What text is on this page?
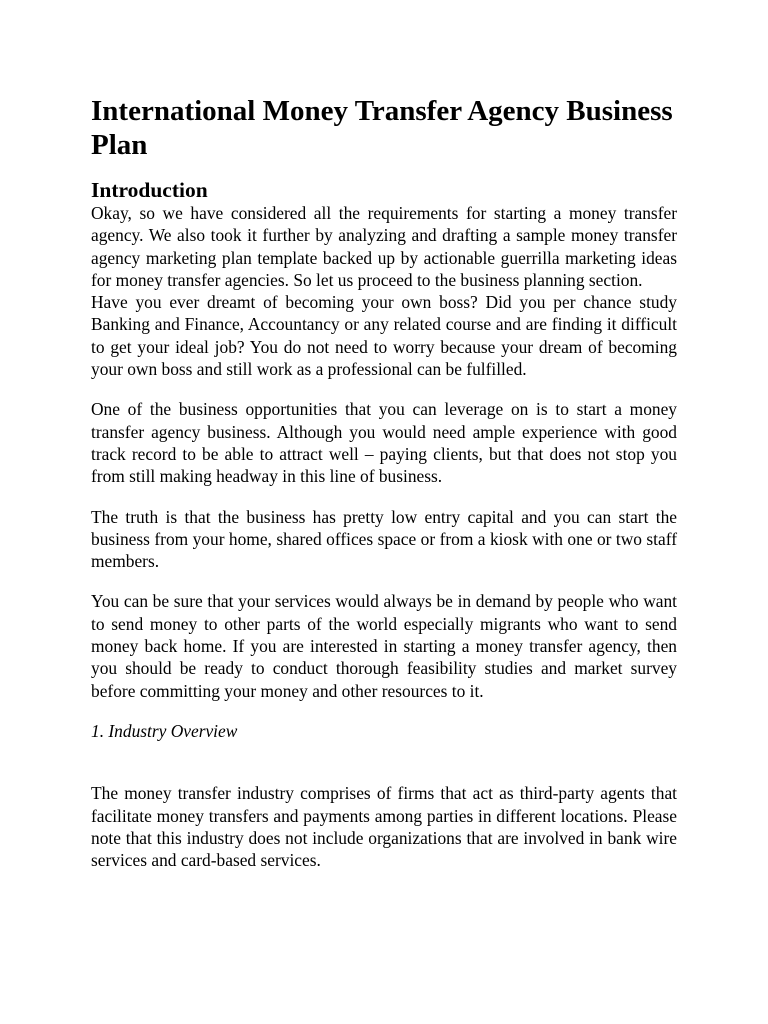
International Money Transfer Agency Business Plan
Introduction

Okay, so we have considered all the requirements for starting a money transfer agency. We also took it further by analyzing and drafting a sample money transfer agency marketing plan template backed up by actionable guerrilla marketing ideas for money transfer agencies. So let us proceed to the business planning section.

Have you ever dreamt of becoming your own boss? Did you per chance study Banking and Finance, Accountancy or any related course and are finding it difficult to get your ideal job? You do not need to worry because your dream of becoming your own boss and still work as a professional can be fulfilled.

One of the business opportunities that you can leverage on is to start a money transfer agency business. Although you would need ample experience with good track record to be able to attract well – paying clients, but that does not stop you from still making headway in this line of business.

The truth is that the business has pretty low entry capital and you can start the business from your home, shared offices space or from a kiosk with one or two staff members.

You can be sure that your services would always be in demand by people who want to send money to other parts of the world especially migrants who want to send money back home. If you are interested in starting a money transfer agency, then you should be ready to conduct thorough feasibility studies and market survey before committing your money and other resources to it.

1. Industry Overview

The money transfer industry comprises of firms that act as third-party agents that facilitate money transfers and payments among parties in different locations. Please note that this industry does not include organizations that are involved in bank wire services and card-based services.
